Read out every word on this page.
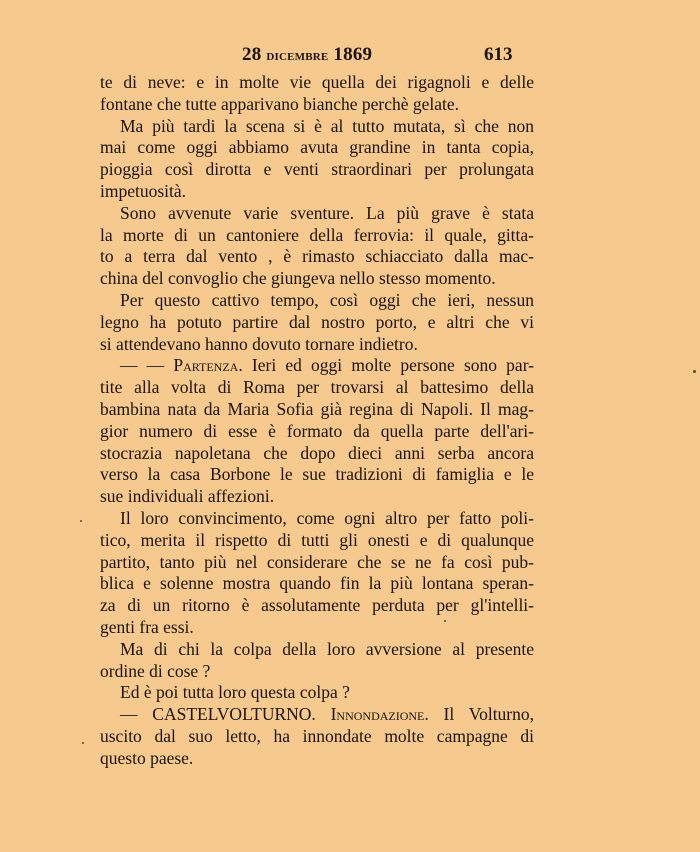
28 dicembre 1869	613
te di neve: e in molte vie quella dei rigagnoli e delle
fontane che tutte apparivano bianche perchè gelate.
Ma più tardi la scena si è al tutto mutata, sì che non
mai come oggi abbiamo avuta grandine in tanta copia,
pioggia così dirotta e venti straordinari per prolungata
impetuosità.
Sono avvenute varie sventure. La più grave è stata
la morte di un cantoniere della ferrovia: il quale, gitta-
to a terra dal vento , è rimasto schiacciato dalla mac-
china del convoglio che giungeva nello stesso momento.
Per questo cattivo tempo, così oggi che ieri, nessun
legno ha potuto partire dal nostro porto, e altri che vi
si attendevano hanno dovuto tornare indietro.
— — Partenza. Ieri ed oggi molte persone sono par-
tite alla volta di Roma per trovarsi al battesimo della
bambina nata da Maria Sofia già regina di Napoli. Il mag-
gior numero di esse è formato da quella parte dell'ari-
stocrazia napoletana che dopo dieci anni serba ancora
verso la casa Borbone le sue tradizioni di famiglia e le
sue individuali affezioni.
Il loro convincimento, come ogni altro per fatto poli-
tico, merita il rispetto di tutti gli onesti e di qualunque
partito, tanto più nel considerare che se ne fa così pub-
blica e solenne mostra quando fin la più lontana speran-
za di un ritorno è assolutamente perduta per gl'intelli-
genti fra essi.
Ma di chi la colpa della loro avversione al presente
ordine di cose ?
Ed è poi tutta loro questa colpa ?
— CASTELVOLTURNO. Innondazione. Il Volturno,
uscito dal suo letto, ha innondate molte campagne di
questo paese.
